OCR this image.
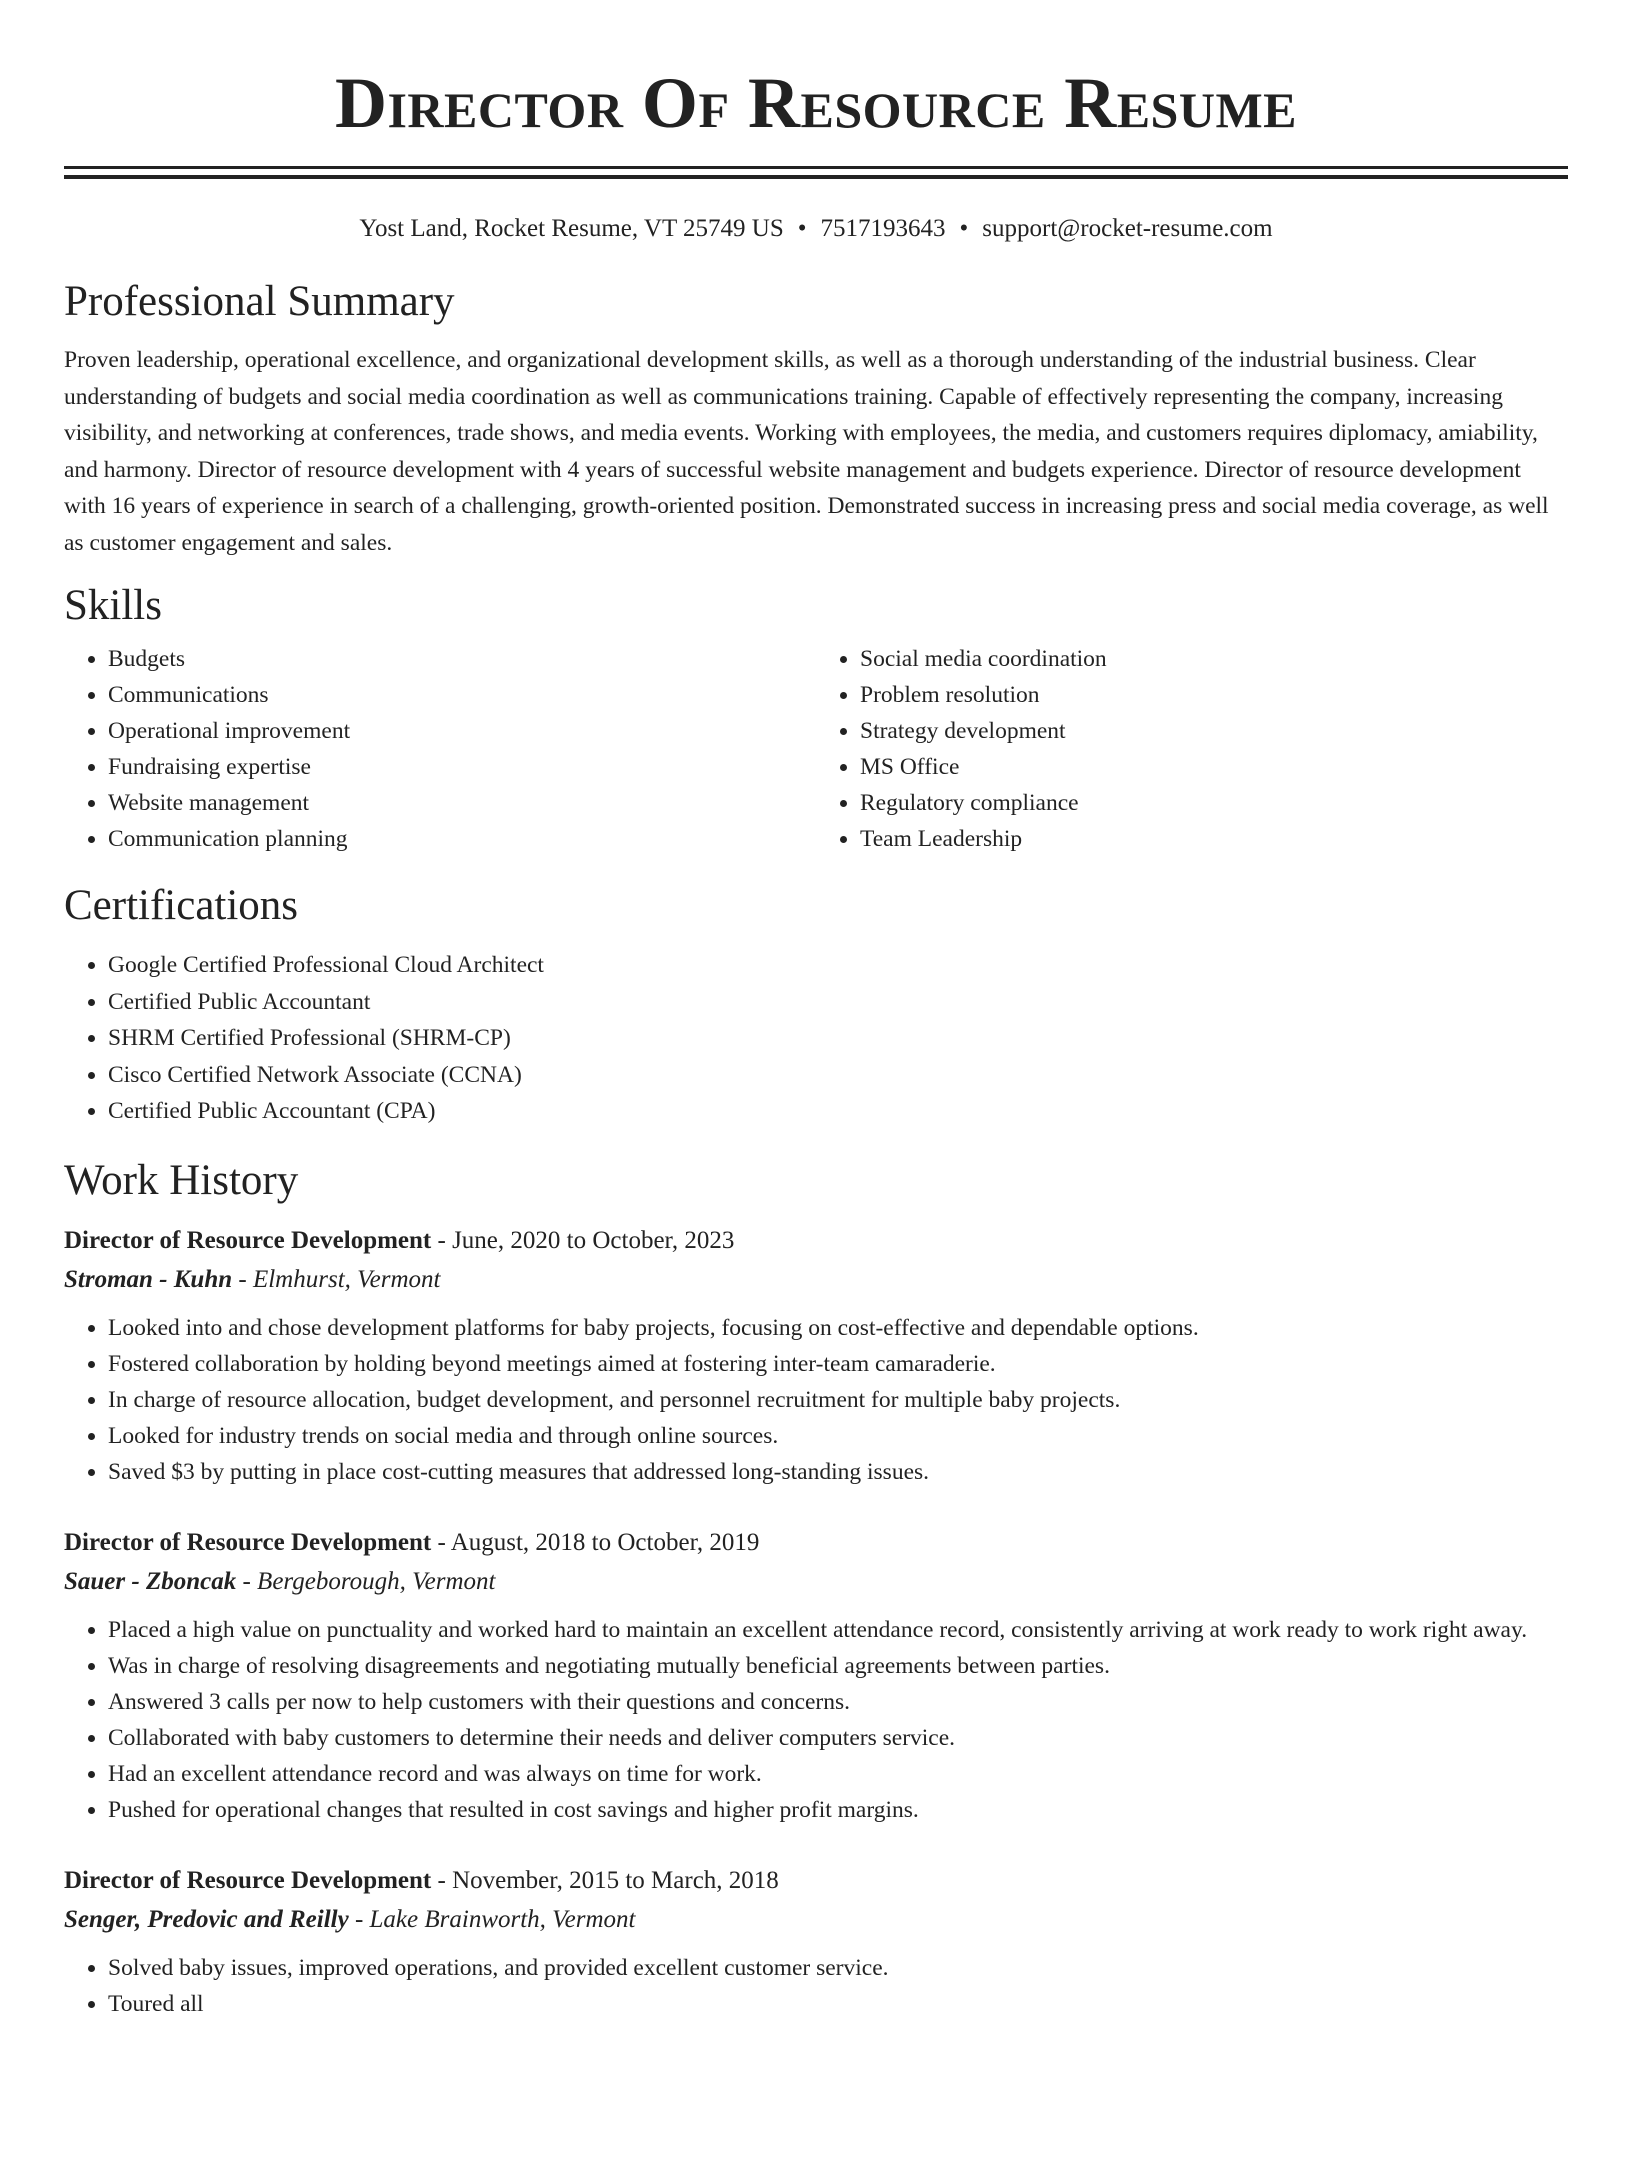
Director Of Resource Resume
Yost Land, Rocket Resume, VT 25749 US • 7517193643 • support@rocket-resume.com
Professional Summary

Proven leadership, operational excellence, and organizational development skills, as well as a thorough understanding of the industrial business. Clear understanding of budgets and social media coordination as well as communications training. Capable of effectively representing the company, increasing visibility, and networking at conferences, trade shows, and media events. Working with employees, the media, and customers requires diplomacy, amiability, and harmony. Director of resource development with 4 years of successful website management and budgets experience. Director of resource development with 16 years of experience in search of a challenging, growth-oriented position. Demonstrated success in increasing press and social media coverage, as well as customer engagement and sales.

Skills
• Budgets
• Communications
• Operational improvement
• Fundraising expertise
• Website management
• Communication planning
• Social media coordination
• Problem resolution
• Strategy development
• MS Office
• Regulatory compliance
• Team Leadership
Certifications
• Google Certified Professional Cloud Architect
• Certified Public Accountant
• SHRM Certified Professional (SHRM-CP)
• Cisco Certified Network Associate (CCNA)
• Certified Public Accountant (CPA)
Work History
Director of Resource Development - June, 2020 to October, 2023
Stroman - Kuhn - Elmhurst, Vermont
• Looked into and chose development platforms for baby projects, focusing on cost-effective and dependable options.
• Fostered collaboration by holding beyond meetings aimed at fostering inter-team camaraderie.
• In charge of resource allocation, budget development, and personnel recruitment for multiple baby projects.
• Looked for industry trends on social media and through online sources.
• Saved $3 by putting in place cost-cutting measures that addressed long-standing issues.
Director of Resource Development - August, 2018 to October, 2019
Sauer - Zboncak - Bergeborough, Vermont
• Placed a high value on punctuality and worked hard to maintain an excellent attendance record, consistently arriving at work ready to work right away.
• Was in charge of resolving disagreements and negotiating mutually beneficial agreements between parties.
• Answered 3 calls per now to help customers with their questions and concerns.
• Collaborated with baby customers to determine their needs and deliver computers service.
• Had an excellent attendance record and was always on time for work.
• Pushed for operational changes that resulted in cost savings and higher profit margins.
Director of Resource Development - November, 2015 to March, 2018
Senger, Predovic and Reilly - Lake Brainworth, Vermont
• Solved baby issues, improved operations, and provided excellent customer service.
• Toured all
